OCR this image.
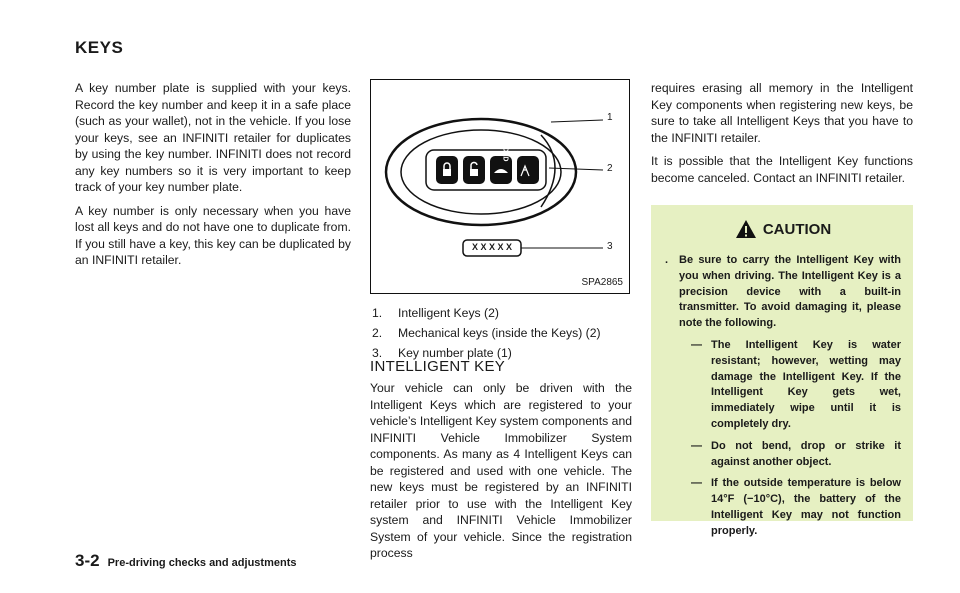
KEYS

A key number plate is supplied with your keys. Record the key number and keep it in a safe place (such as your wallet), not in the vehicle. If you lose your keys, see an INFINITI retailer for duplicates by using the key number. INFINITI does not record any key numbers so it is very important to keep track of your key number plate.

A key number is only necessary when you have lost all keys and do not have one to duplicate from. If you still have a key, this key can be duplicated by an INFINITI retailer.

1
2
3
X X X X X
HOLD
SPA2865
1.	Intelligent Keys (2)
2.	Mechanical keys (inside the Keys) (2)
3.	Key number plate (1)
INTELLIGENT KEY

Your vehicle can only be driven with the Intelligent Keys which are registered to your vehicle’s Intelligent Key system components and INFINITI Vehicle Immobilizer System components. As many as 4 Intelligent Keys can be registered and used with one vehicle. The new keys must be registered by an INFINITI retailer prior to use with the Intelligent Key system and INFINITI Vehicle Immobilizer System of your vehicle. Since the registration process

requires erasing all memory in the Intelligent Key components when registering new keys, be sure to take all Intelligent Keys that you have to the INFINITI retailer.

It is possible that the Intelligent Key functions become canceled. Contact an INFINITI retailer.

CAUTION
. Be sure to carry the Intelligent Key with you when driving. The Intelligent Key is a precision device with a built-in transmitter. To avoid damaging it, please note the following.
— The Intelligent Key is water resistant; however, wetting may damage the Intelligent Key. If the Intelligent Key gets wet, immediately wipe until it is completely dry.
— Do not bend, drop or strike it against another object.
— If the outside temperature is below 14°F (−10°C), the battery of the Intelligent Key may not function properly.
3-2 Pre-driving checks and adjustments
